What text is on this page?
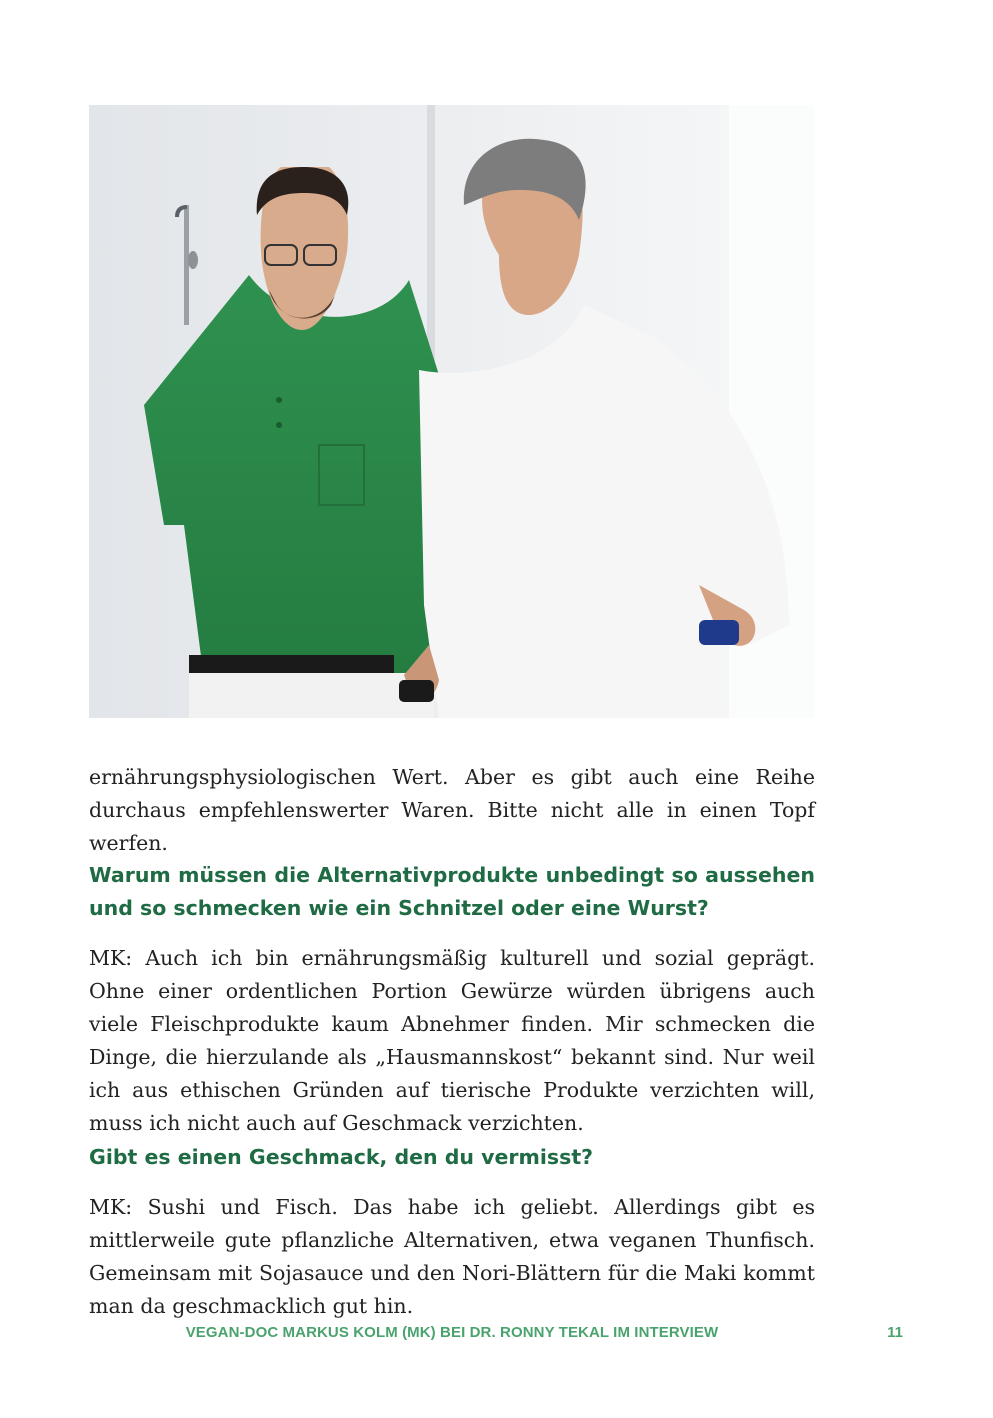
ernährungsphysiologischen Wert. Aber es gibt auch eine Reihe durchaus empfehlenswerter Waren. Bitte nicht alle in einen Topf werfen.

Warum müssen die Alternativprodukte unbedingt so aussehen und so schmecken wie ein Schnitzel oder eine Wurst?

MK: Auch ich bin ernährungsmäßig kulturell und sozial geprägt. Ohne einer ordentlichen Portion Gewürze würden übrigens auch viele Fleischprodukte kaum Abnehmer finden. Mir schmecken die Dinge, die hierzulande als „Hausmannskost“ bekannt sind. Nur weil ich aus ethischen Gründen auf tierische Produkte verzichten will, muss ich nicht auch auf Geschmack verzichten.

Gibt es einen Geschmack, den du vermisst?

MK: Sushi und Fisch. Das habe ich geliebt. Allerdings gibt es mittlerweile gute pflanzliche Alternativen, etwa veganen Thunfisch. Gemeinsam mit Sojasauce und den Nori-Blättern für die Maki kommt man da geschmacklich gut hin.

VEGAN-DOC MARKUS KOLM (MK) BEI DR. RONNY TEKAL IM INTERVIEW	11
